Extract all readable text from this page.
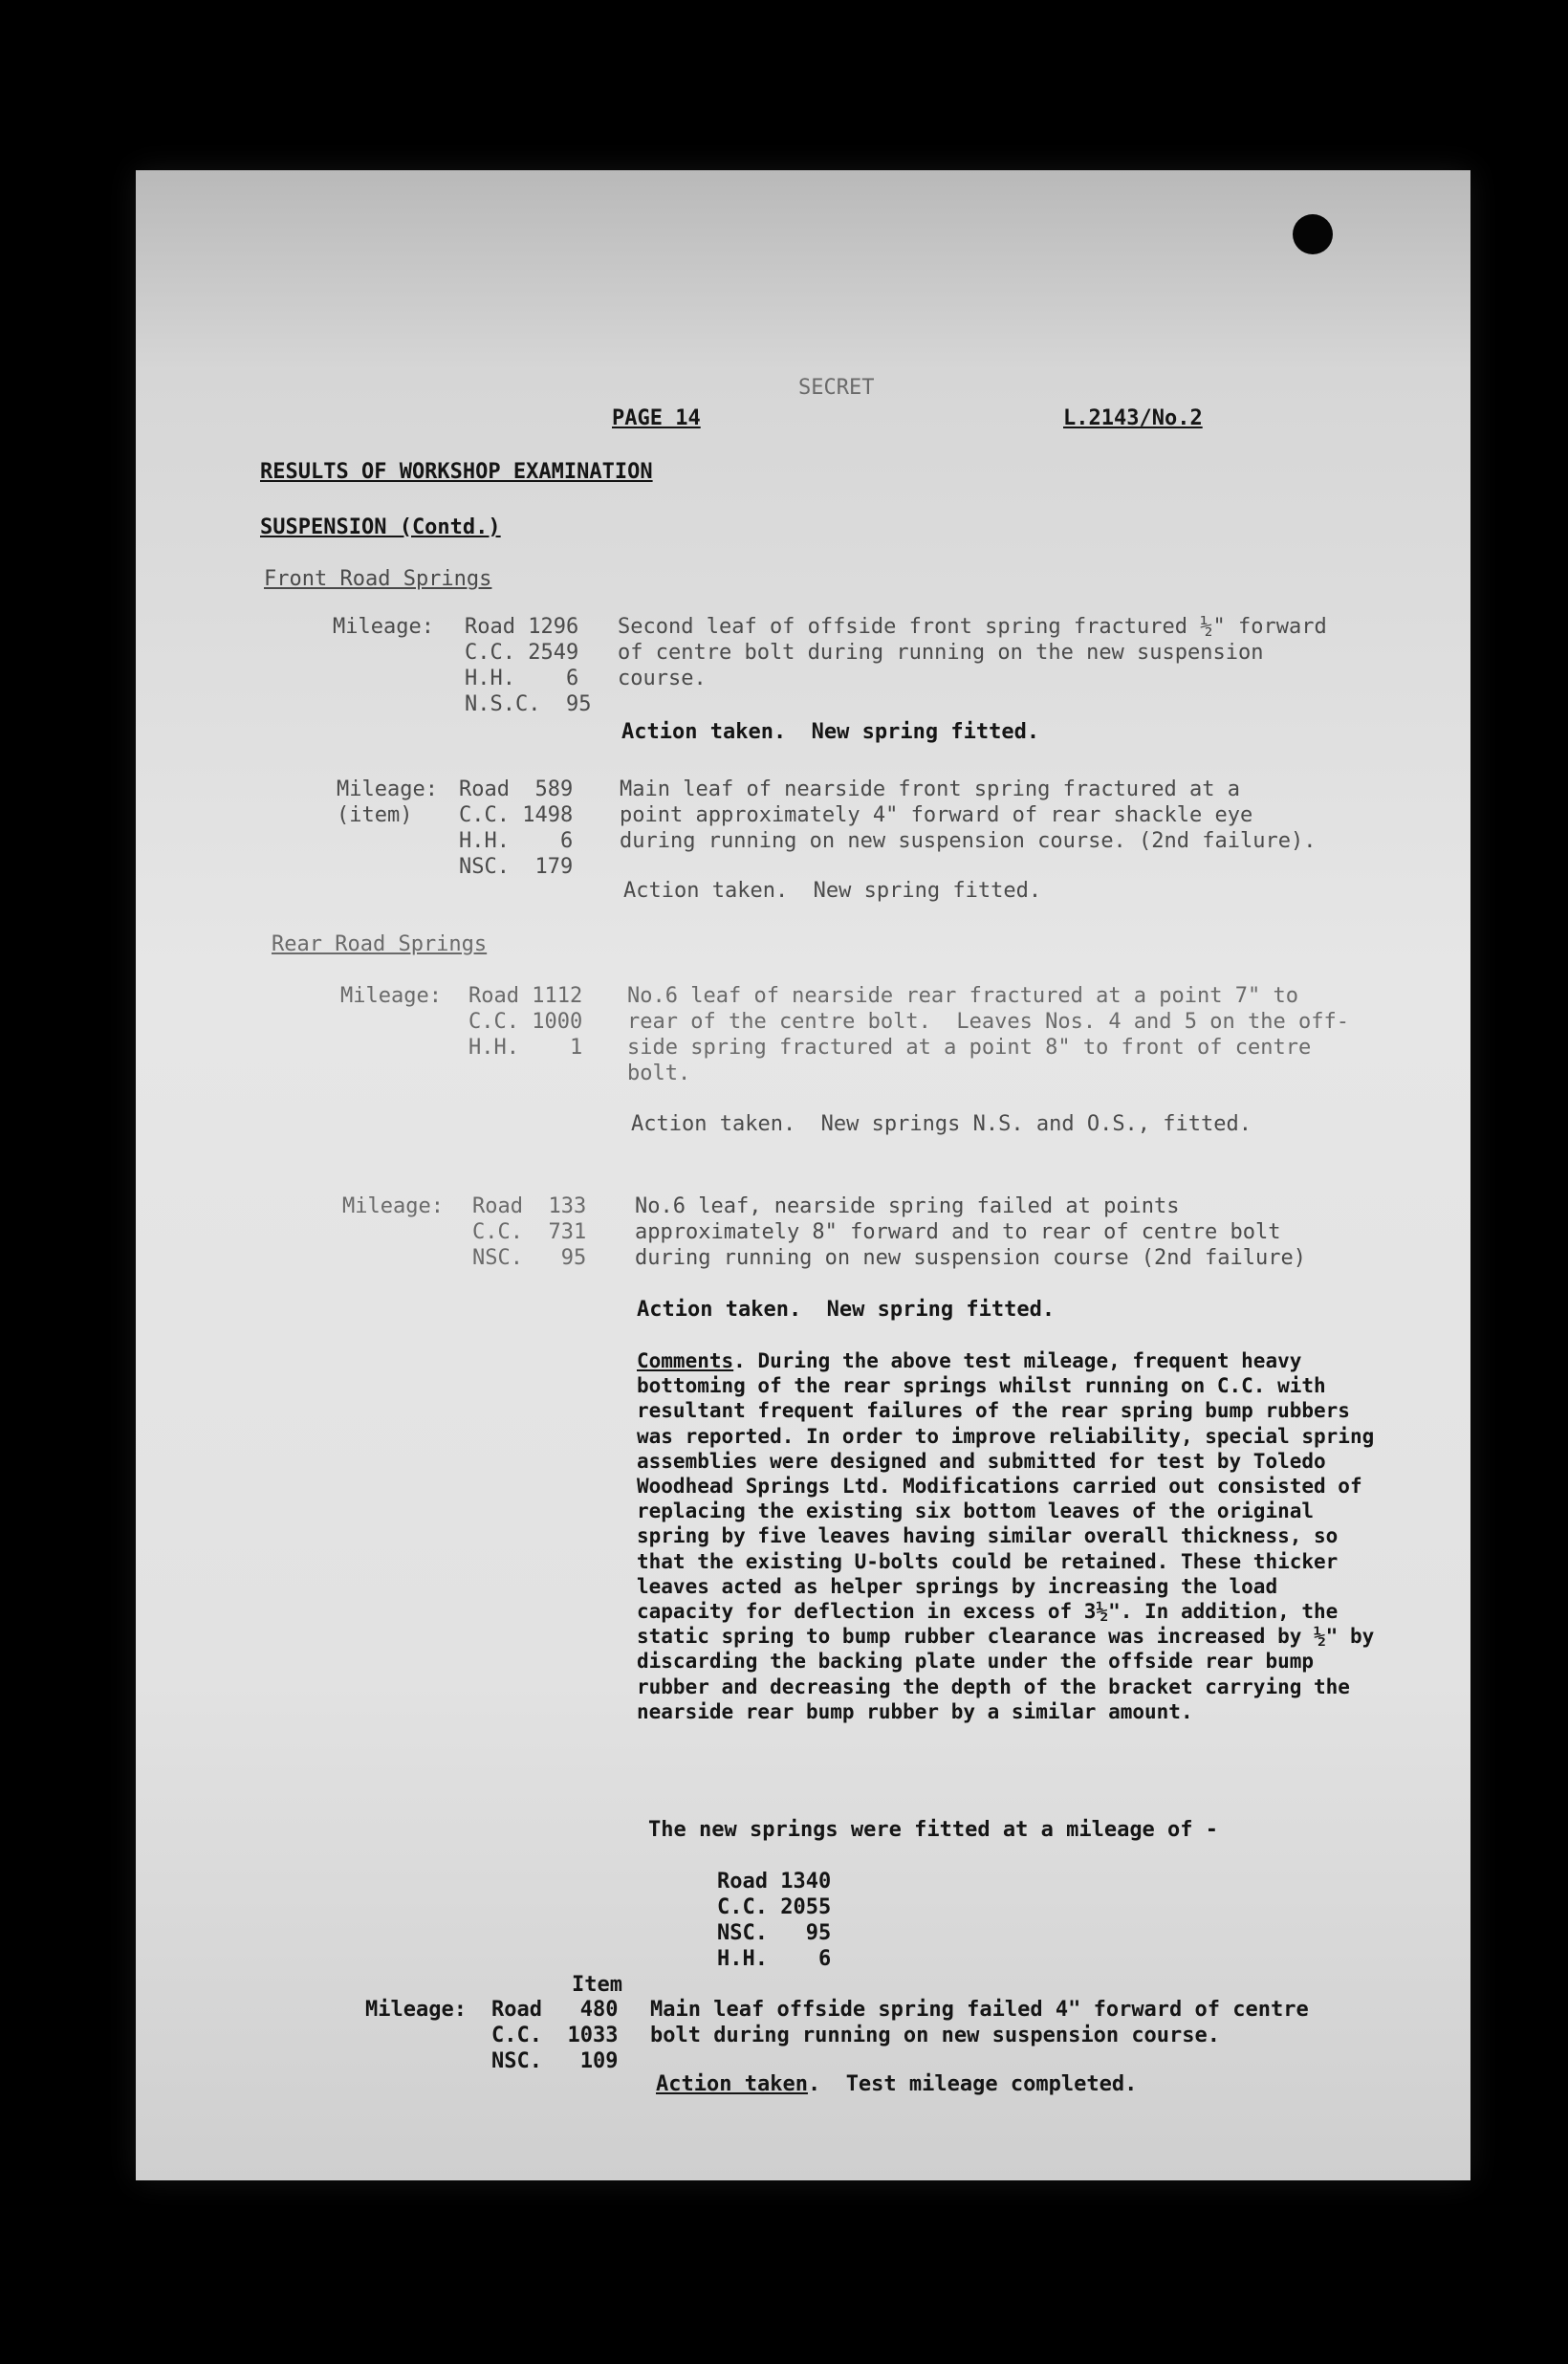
SECRET

PAGE 14	L.2143/No.2

RESULTS OF WORKSHOP EXAMINATION

SUSPENSION (Contd.)

Front Road Springs

Mileage: Road 1296

C.C. 2549

H.H.    6

N.S.C.  95

Second leaf of offside front spring fractured ½" forward
of centre bolt during running on the new suspension
course.

Action taken.  New spring fitted.

Mileage:
(item)

Road  589

C.C. 1498

H.H.    6

NSC.  179

Main leaf of nearside front spring fractured at a
point approximately 4" forward of rear shackle eye
during running on new suspension course. (2nd failure).

Action taken.  New spring fitted.

Rear Road Springs

Mileage: Road 1112

C.C. 1000

H.H.    1

No.6 leaf of nearside rear fractured at a point 7" to
rear of the centre bolt.  Leaves Nos. 4 and 5 on the off-
side spring fractured at a point 8" to front of centre
bolt.

Action taken.  New springs N.S. and O.S., fitted.

Mileage: Road  133

C.C.  731

NSC.   95

No.6 leaf, nearside spring failed at points
approximately 8" forward and to rear of centre bolt
during running on new suspension course (2nd failure)

Action taken.  New spring fitted.

Comments. During the above test mileage, frequent heavy bottoming of the rear springs whilst running on C.C. with resultant frequent failures of the rear spring bump rubbers was reported. In order to improve reliability, special spring assemblies were designed and submitted for test by Toledo Woodhead Springs Ltd. Modifications carried out consisted of replacing the existing six bottom leaves of the original spring by five leaves having similar overall thickness, so that the existing U-bolts could be retained. These thicker leaves acted as helper springs by increasing the load capacity for deflection in excess of 3½". In addition, the static spring to bump rubber clearance was increased by ½" by discarding the backing plate under the offside rear bump rubber and decreasing the depth of the bracket carrying the nearside rear bump rubber by a similar amount.

The new springs were fitted at a mileage of -

Road 1340

C.C. 2055

NSC.   95

H.H.    6

Item

Mileage: Road   480

C.C.  1033

NSC.   109

Main leaf offside spring failed 4" forward of centre
bolt during running on new suspension course.

Action taken.  Test mileage completed.
